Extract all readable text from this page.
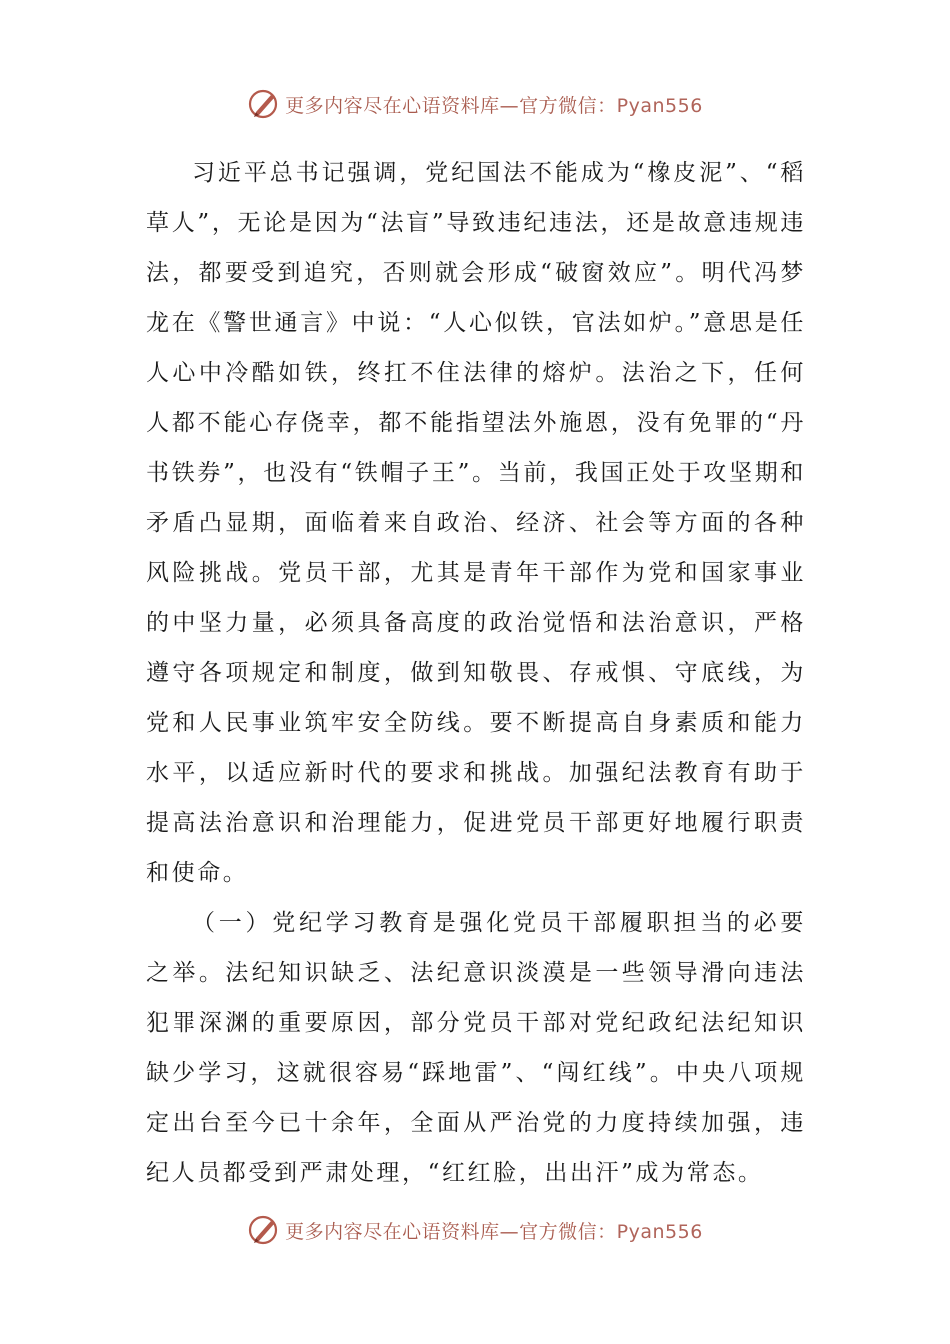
更多内容尽在心语资料库—官方微信：Pyan556

习近平总书记强调，党纪国法不能成为“橡皮泥”、“稻草人”，无论是因为“法盲”导致违纪违法，还是故意违规违法，都要受到追究，否则就会形成“破窗效应”。明代冯梦龙在《警世通言》中说：“人心似铁，官法如炉。”意思是任人心中冷酷如铁，终扛不住法律的熔炉。法治之下，任何人都不能心存侥幸，都不能指望法外施恩，没有免罪的“丹书铁券”，也没有“铁帽子王”。当前，我国正处于攻坚期和矛盾凸显期，面临着来自政治、经济、社会等方面的各种风险挑战。党员干部，尤其是青年干部作为党和国家事业的中坚力量，必须具备高度的政治觉悟和法治意识，严格遵守各项规定和制度，做到知敬畏、存戒惧、守底线，为党和人民事业筑牢安全防线。要不断提高自身素质和能力水平，以适应新时代的要求和挑战。加强纪法教育有助于提高法治意识和治理能力，促进党员干部更好地履行职责和使命。

（一）党纪学习教育是强化党员干部履职担当的必要之举。法纪知识缺乏、法纪意识淡漠是一些领导滑向违法犯罪深渊的重要原因，部分党员干部对党纪政纪法纪知识缺少学习，这就很容易“踩地雷”、“闯红线”。中央八项规定出台至今已十余年，全面从严治党的力度持续加强，违纪人员都受到严肃处理，“红红脸，出出汗”成为常态。

更多内容尽在心语资料库—官方微信：Pyan556
